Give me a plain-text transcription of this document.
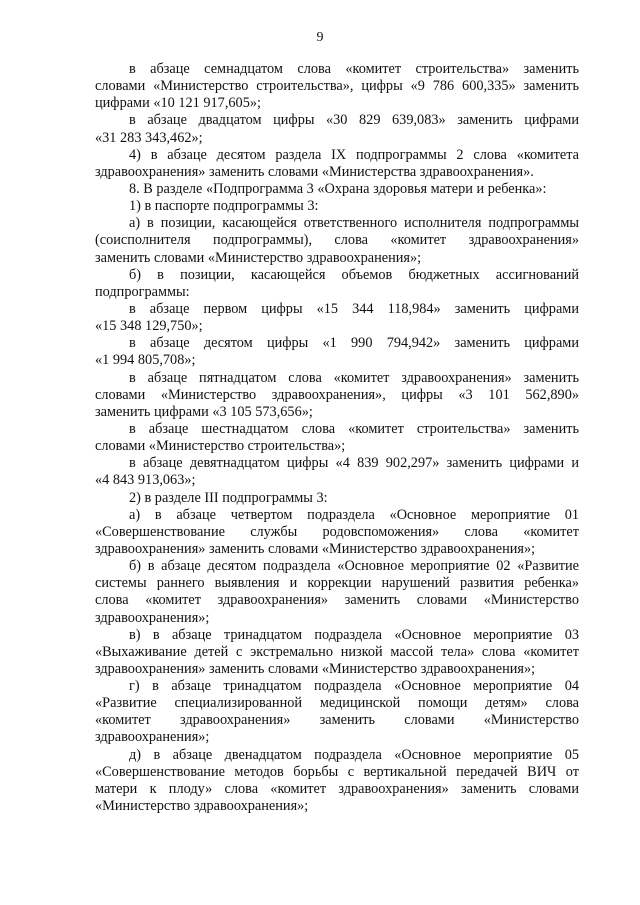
9
в абзаце семнадцатом слова «комитет строительства» заменить
словами «Министерство строительства», цифры «9 786 600,335» заменить
цифрами «10 121 917,605»;
в абзаце двадцатом цифры «30 829 639,083» заменить цифрами
«31 283 343,462»;
4) в абзаце десятом раздела IX подпрограммы 2 слова «комитета
здравоохранения» заменить словами «Министерства здравоохранения».
8. В разделе «Подпрограмма 3 «Охрана здоровья матери и ребенка»:
1) в паспорте подпрограммы 3:
а) в позиции, касающейся ответственного исполнителя подпрограммы
(соисполнителя подпрограммы), слова «комитет здравоохранения»
заменить словами «Министерство здравоохранения»;
б) в позиции, касающейся объемов бюджетных ассигнований
подпрограммы:
в абзаце первом цифры «15 344 118,984» заменить цифрами
«15 348 129,750»;
в абзаце десятом цифры «1 990 794,942» заменить цифрами
«1 994 805,708»;
в абзаце пятнадцатом слова «комитет здравоохранения» заменить
словами «Министерство здравоохранения», цифры «3 101 562,890»
заменить цифрами «3 105 573,656»;
в абзаце шестнадцатом слова «комитет строительства» заменить
словами «Министерство строительства»;
в абзаце девятнадцатом цифры «4 839 902,297» заменить цифрами и
«4 843 913,063»;
2) в разделе III подпрограммы 3:
а) в абзаце четвертом подраздела «Основное мероприятие 01
«Совершенствование службы родовспоможения» слова «комитет
здравоохранения» заменить словами «Министерство здравоохранения»;
б) в абзаце десятом подраздела «Основное мероприятие 02 «Развитие
системы раннего выявления и коррекции нарушений развития ребенка»
слова «комитет здравоохранения» заменить словами «Министерство
здравоохранения»;
в) в абзаце тринадцатом подраздела «Основное мероприятие 03
«Выхаживание детей с экстремально низкой массой тела» слова «комитет
здравоохранения» заменить словами «Министерство здравоохранения»;
г) в абзаце тринадцатом подраздела «Основное мероприятие 04
«Развитие специализированной медицинской помощи детям» слова
«комитет здравоохранения» заменить словами «Министерство
здравоохранения»;
д) в абзаце двенадцатом подраздела «Основное мероприятие 05
«Совершенствование методов борьбы с вертикальной передачей ВИЧ от
матери к плоду» слова «комитет здравоохранения» заменить словами
«Министерство здравоохранения»;
